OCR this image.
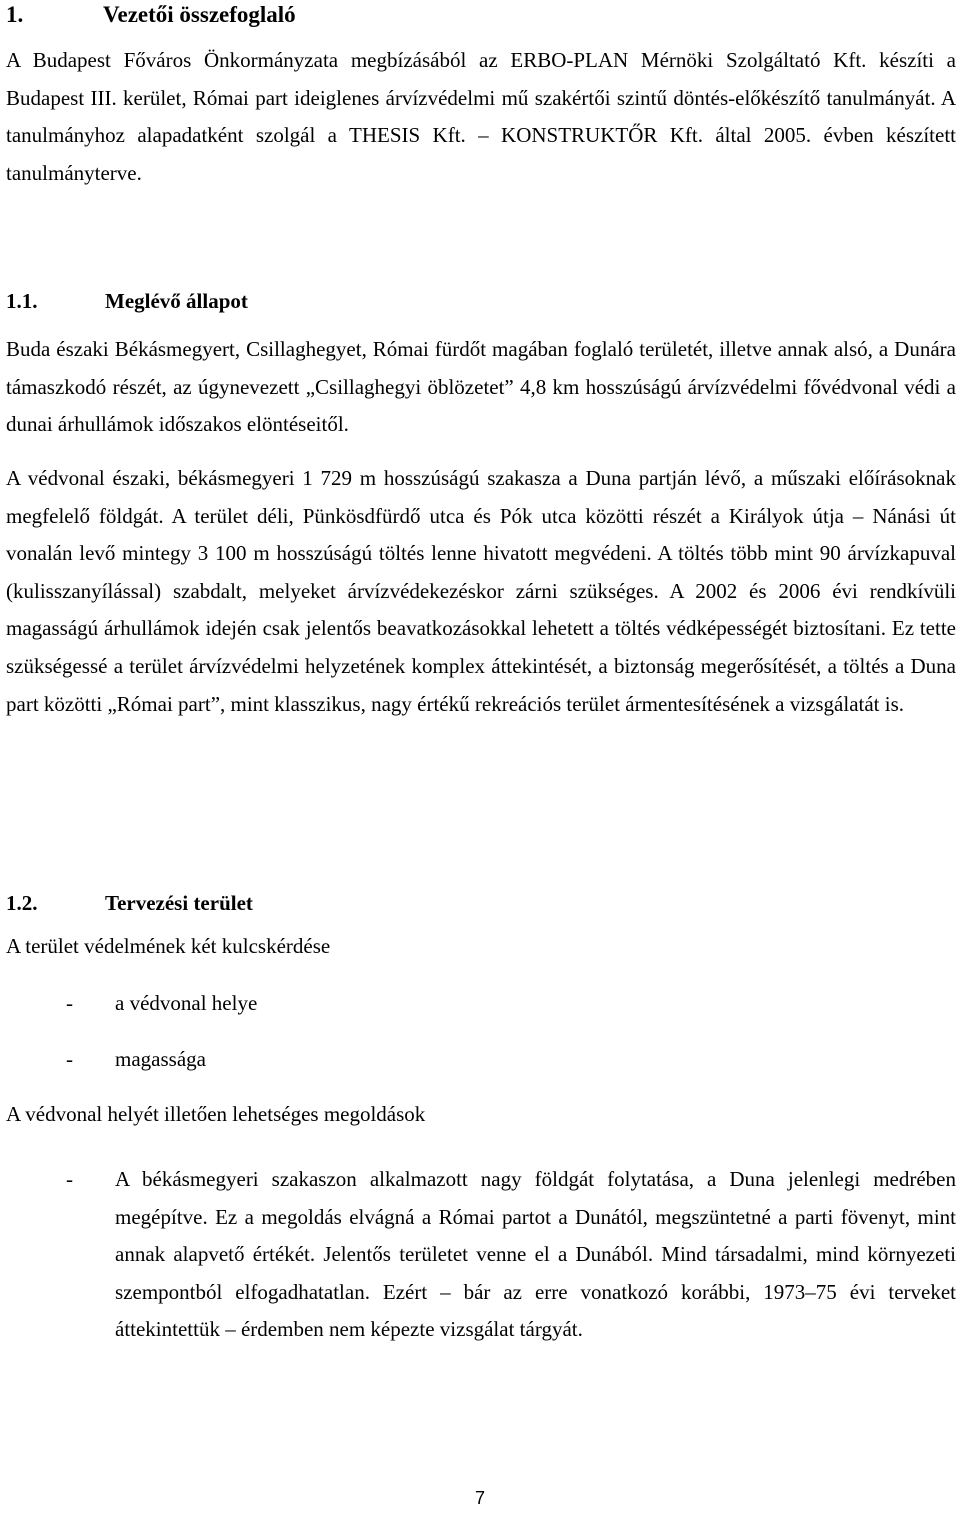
1.	Vezetői összefoglaló

A Budapest Főváros Önkormányzata megbízásából az ERBO-PLAN Mérnöki Szolgáltató Kft. készíti a Budapest III. kerület, Római part ideiglenes árvízvédelmi mű szakértői szintű döntés-előkészítő tanulmányát. A tanulmányhoz alapadatként szolgál a THESIS Kft. – KONSTRUKTŐR Kft. által 2005. évben készített tanulmányterve.

1.1.	Meglévő állapot

Buda északi Békásmegyert, Csillaghegyet, Római fürdőt magában foglaló területét, illetve annak alsó, a Dunára támaszkodó részét, az úgynevezett „Csillaghegyi öblözetet” 4,8 km hosszúságú árvízvédelmi fővédvonal védi a dunai árhullámok időszakos elöntéseitől.

A védvonal északi, békásmegyeri 1 729 m hosszúságú szakasza a Duna partján lévő, a műszaki előírásoknak megfelelő földgát. A terület déli, Pünkösdfürdő utca és Pók utca közötti részét a Királyok útja – Nánási út vonalán levő mintegy 3 100 m hosszúságú töltés lenne hivatott megvédeni. A töltés több mint 90 árvízkapuval (kulisszanyílással) szabdalt, melyeket árvízvédekezéskor zárni szükséges. A 2002 és 2006 évi rendkívüli magasságú árhullámok idején csak jelentős beavatkozásokkal lehetett a töltés védképességét biztosítani. Ez tette szükségessé a terület árvízvédelmi helyzetének komplex áttekintését, a biztonság megerősítését, a töltés a Duna part közötti „Római part”, mint klasszikus, nagy értékű rekreációs terület ármentesítésének a vizsgálatát is.

1.2.	Tervezési terület

A terület védelmének két kulcskérdése

- a védvonal helye

- magassága

A védvonal helyét illetően lehetséges megoldások

- A békásmegyeri szakaszon alkalmazott nagy földgát folytatása, a Duna jelenlegi medrében megépítve. Ez a megoldás elvágná a Római partot a Dunától, megszüntetné a parti fövenyt, mint annak alapvető értékét. Jelentős területet venne el a Dunából. Mind társadalmi, mind környezeti szempontból elfogadhatatlan. Ezért – bár az erre vonatkozó korábbi, 1973–75 évi terveket áttekintettük – érdemben nem képezte vizsgálat tárgyát.

7
